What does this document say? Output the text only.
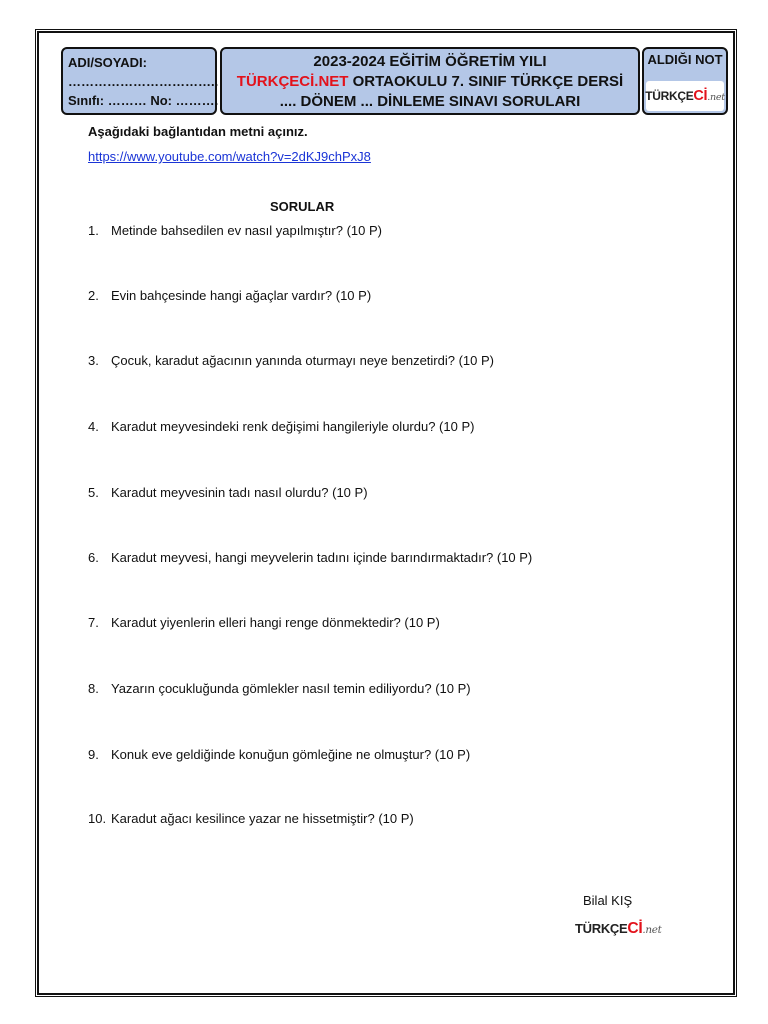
ADI/SOYADI:
……………………………..
Sınıfı: ……… No: ……….
2023-2024 EĞİTİM ÖĞRETİM YILI
TÜRKÇECİ.NET ORTAOKULU 7. SINIF TÜRKÇE DERSİ
.... DÖNEM ... DİNLEME SINAVI SORULARI
ALDIĞI NOT
TÜRKÇECİ.net
Aşağıdaki bağlantıdan metni açınız.
https://www.youtube.com/watch?v=2dKJ9chPxJ8
SORULAR
1. Metinde bahsedilen ev nasıl yapılmıştır? (10 P)
2. Evin bahçesinde hangi ağaçlar vardır? (10 P)
3. Çocuk, karadut ağacının yanında oturmayı neye benzetirdi? (10 P)
4. Karadut meyvesindeki renk değişimi hangileriyle olurdu? (10 P)
5. Karadut meyvesinin tadı nasıl olurdu? (10 P)
6. Karadut meyvesi, hangi meyvelerin tadını içinde barındırmaktadır? (10 P)
7. Karadut yiyenlerin elleri hangi renge dönmektedir? (10 P)
8. Yazarın çocukluğunda gömlekler nasıl temin ediliyordu? (10 P)
9. Konuk eve geldiğinde konuğun gömleğine ne olmuştur? (10 P)
10. Karadut ağacı kesilince yazar ne hissetmiştir? (10 P)
Bilal KIŞ
TÜRKÇECİ.net
